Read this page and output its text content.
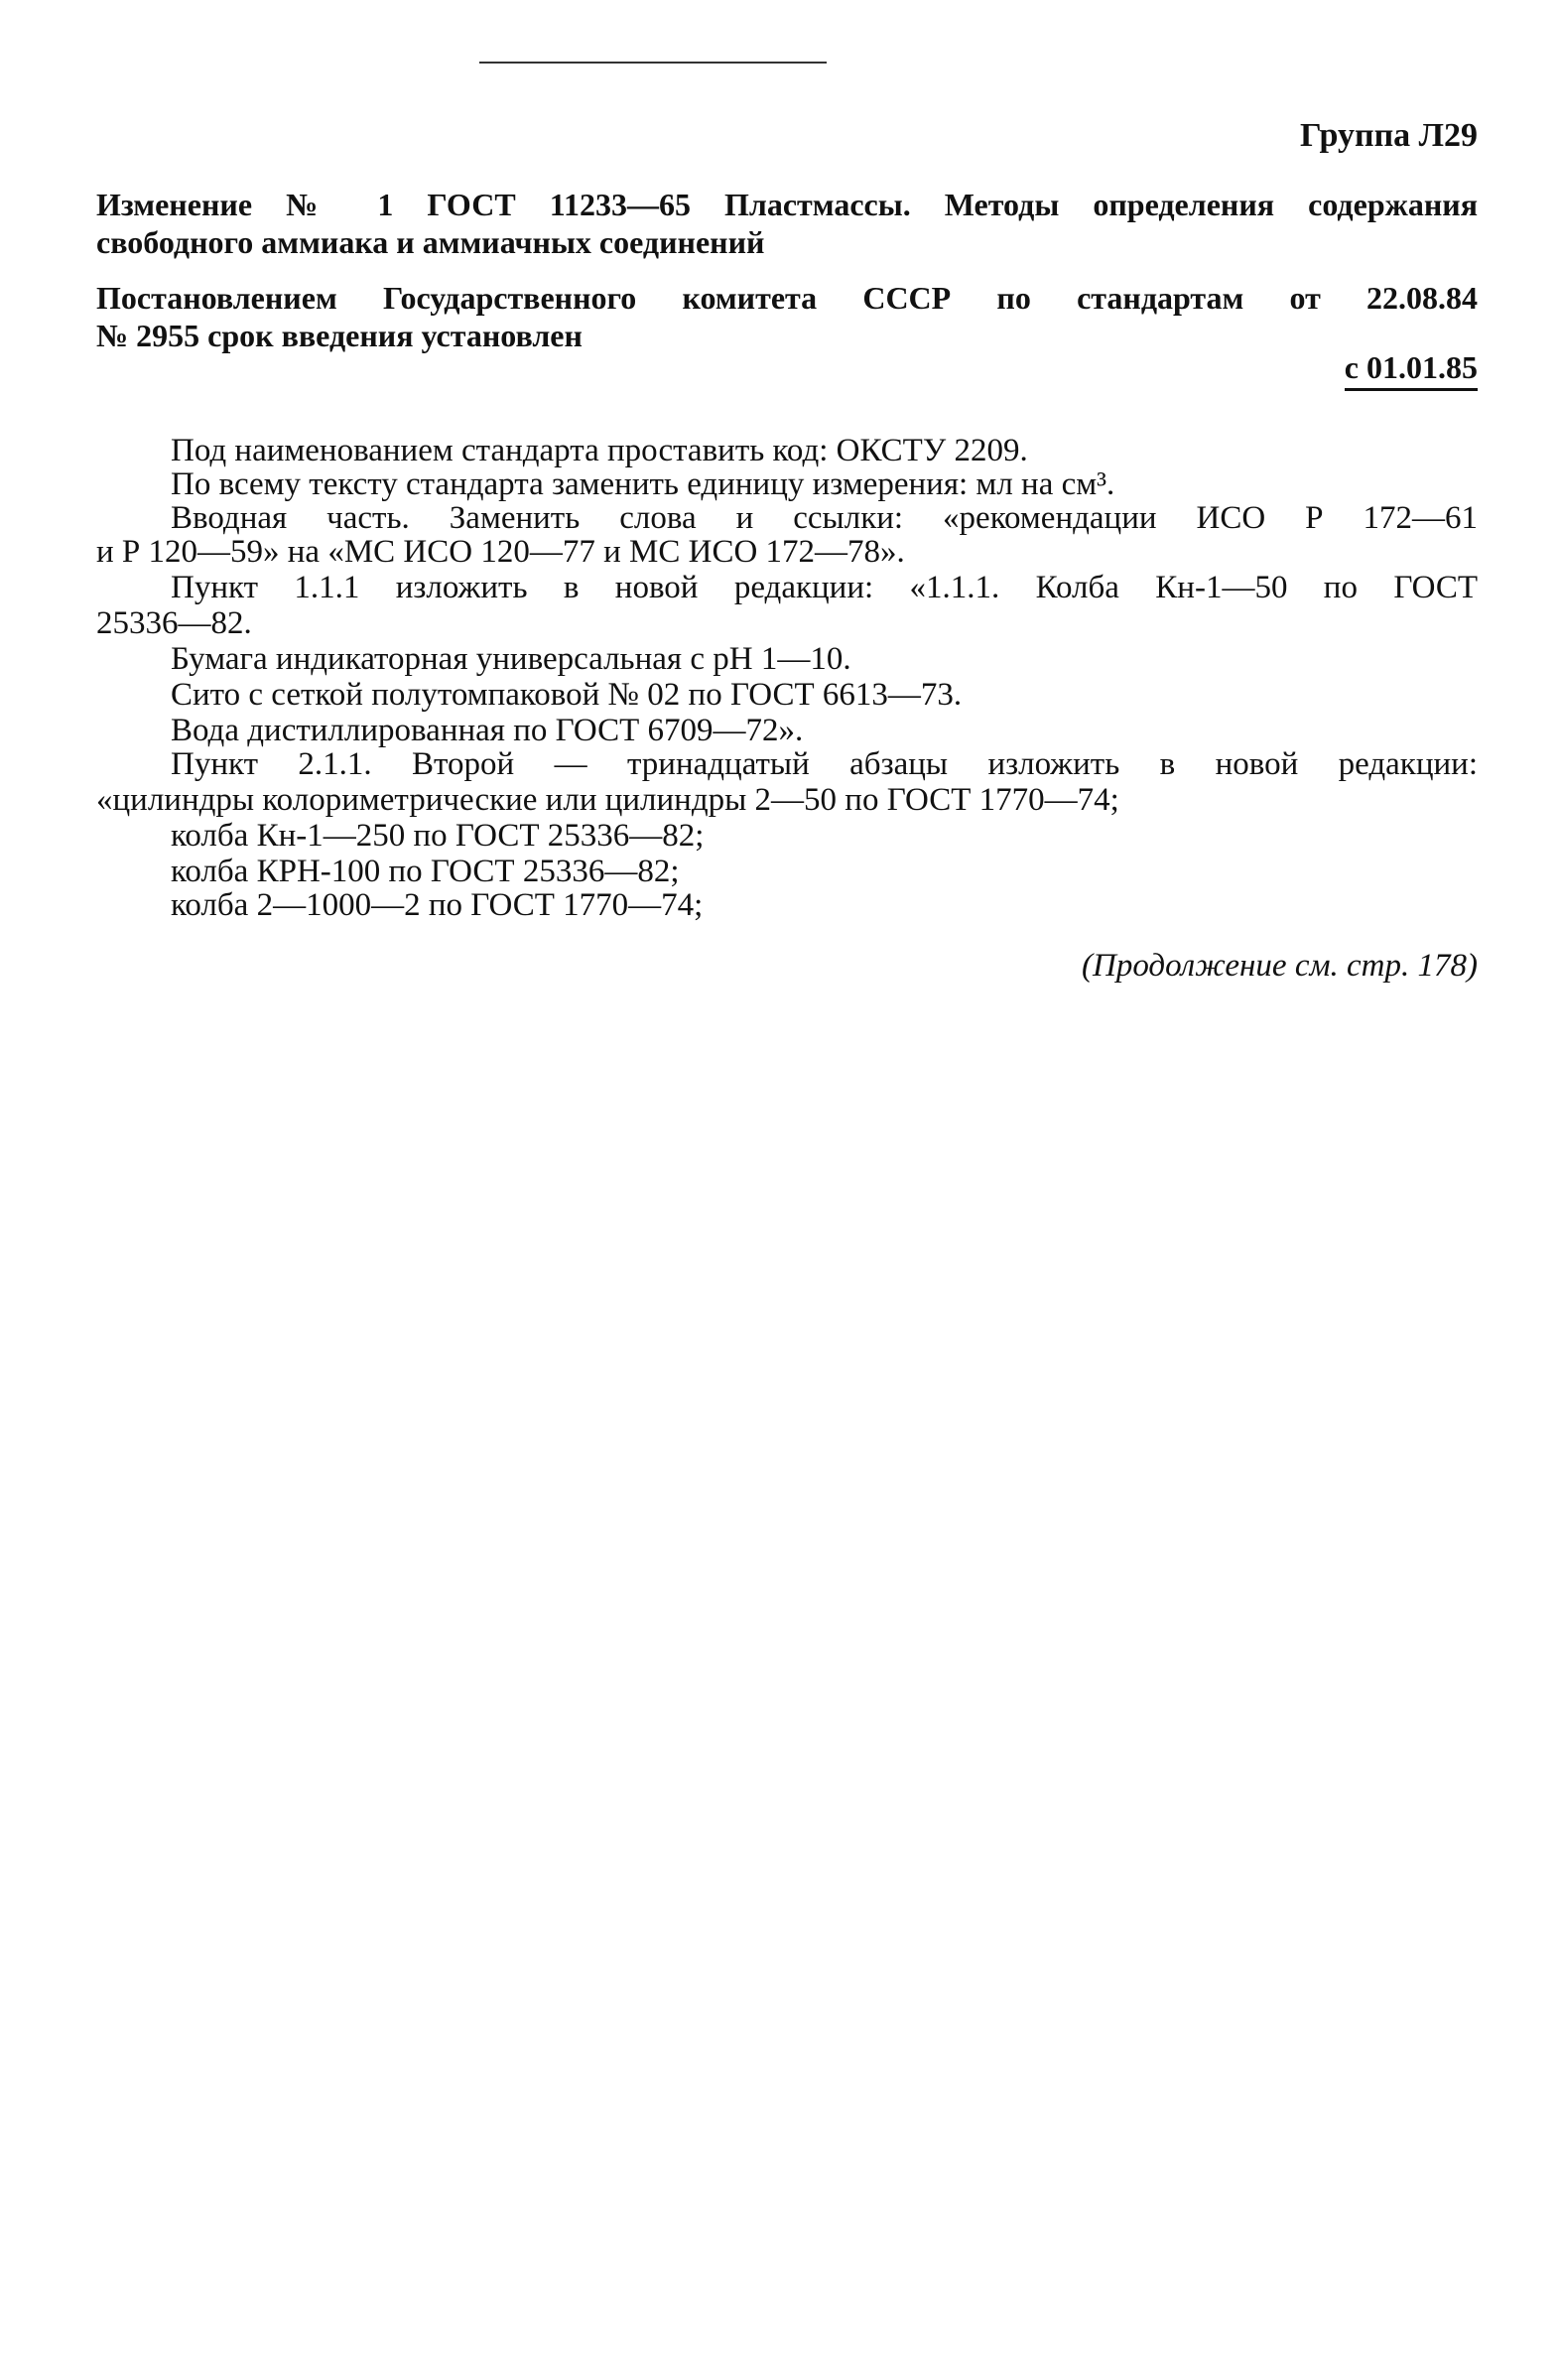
Группа Л29
Изменение № 1 ГОСТ 11233—65 Пластмассы. Методы определения содержания
свободного аммиака и аммиачных соединений
Постановлением Государственного комитета СССР по стандартам от 22.08.84
№ 2955 срок введения установлен
с 01.01.85
Под наименованием стандарта проставить код: ОКСТУ 2209.
По всему тексту стандарта заменить единицу измерения: мл на см³.
Вводная часть. Заменить слова и ссылки: «рекомендации ИСО Р 172—61
и Р 120—59» на «МС ИСО 120—77 и МС ИСО 172—78».
Пункт 1.1.1 изложить в новой редакции: «1.1.1. Колба Кн-1—50 по ГОСТ
25336—82.
Бумага индикаторная универсальная с рН 1—10.
Сито с сеткой полутомпаковой № 02 по ГОСТ 6613—73.
Вода дистиллированная по ГОСТ 6709—72».
Пункт 2.1.1. Второй — тринадцатый абзацы изложить в новой редакции:
«цилиндры колориметрические или цилиндры 2—50 по ГОСТ 1770—74;
колба Кн-1—250 по ГОСТ 25336—82;
колба КРН-100 по ГОСТ 25336—82;
колба 2—1000—2 по ГОСТ 1770—74;
(Продолжение см. стр. 178)
